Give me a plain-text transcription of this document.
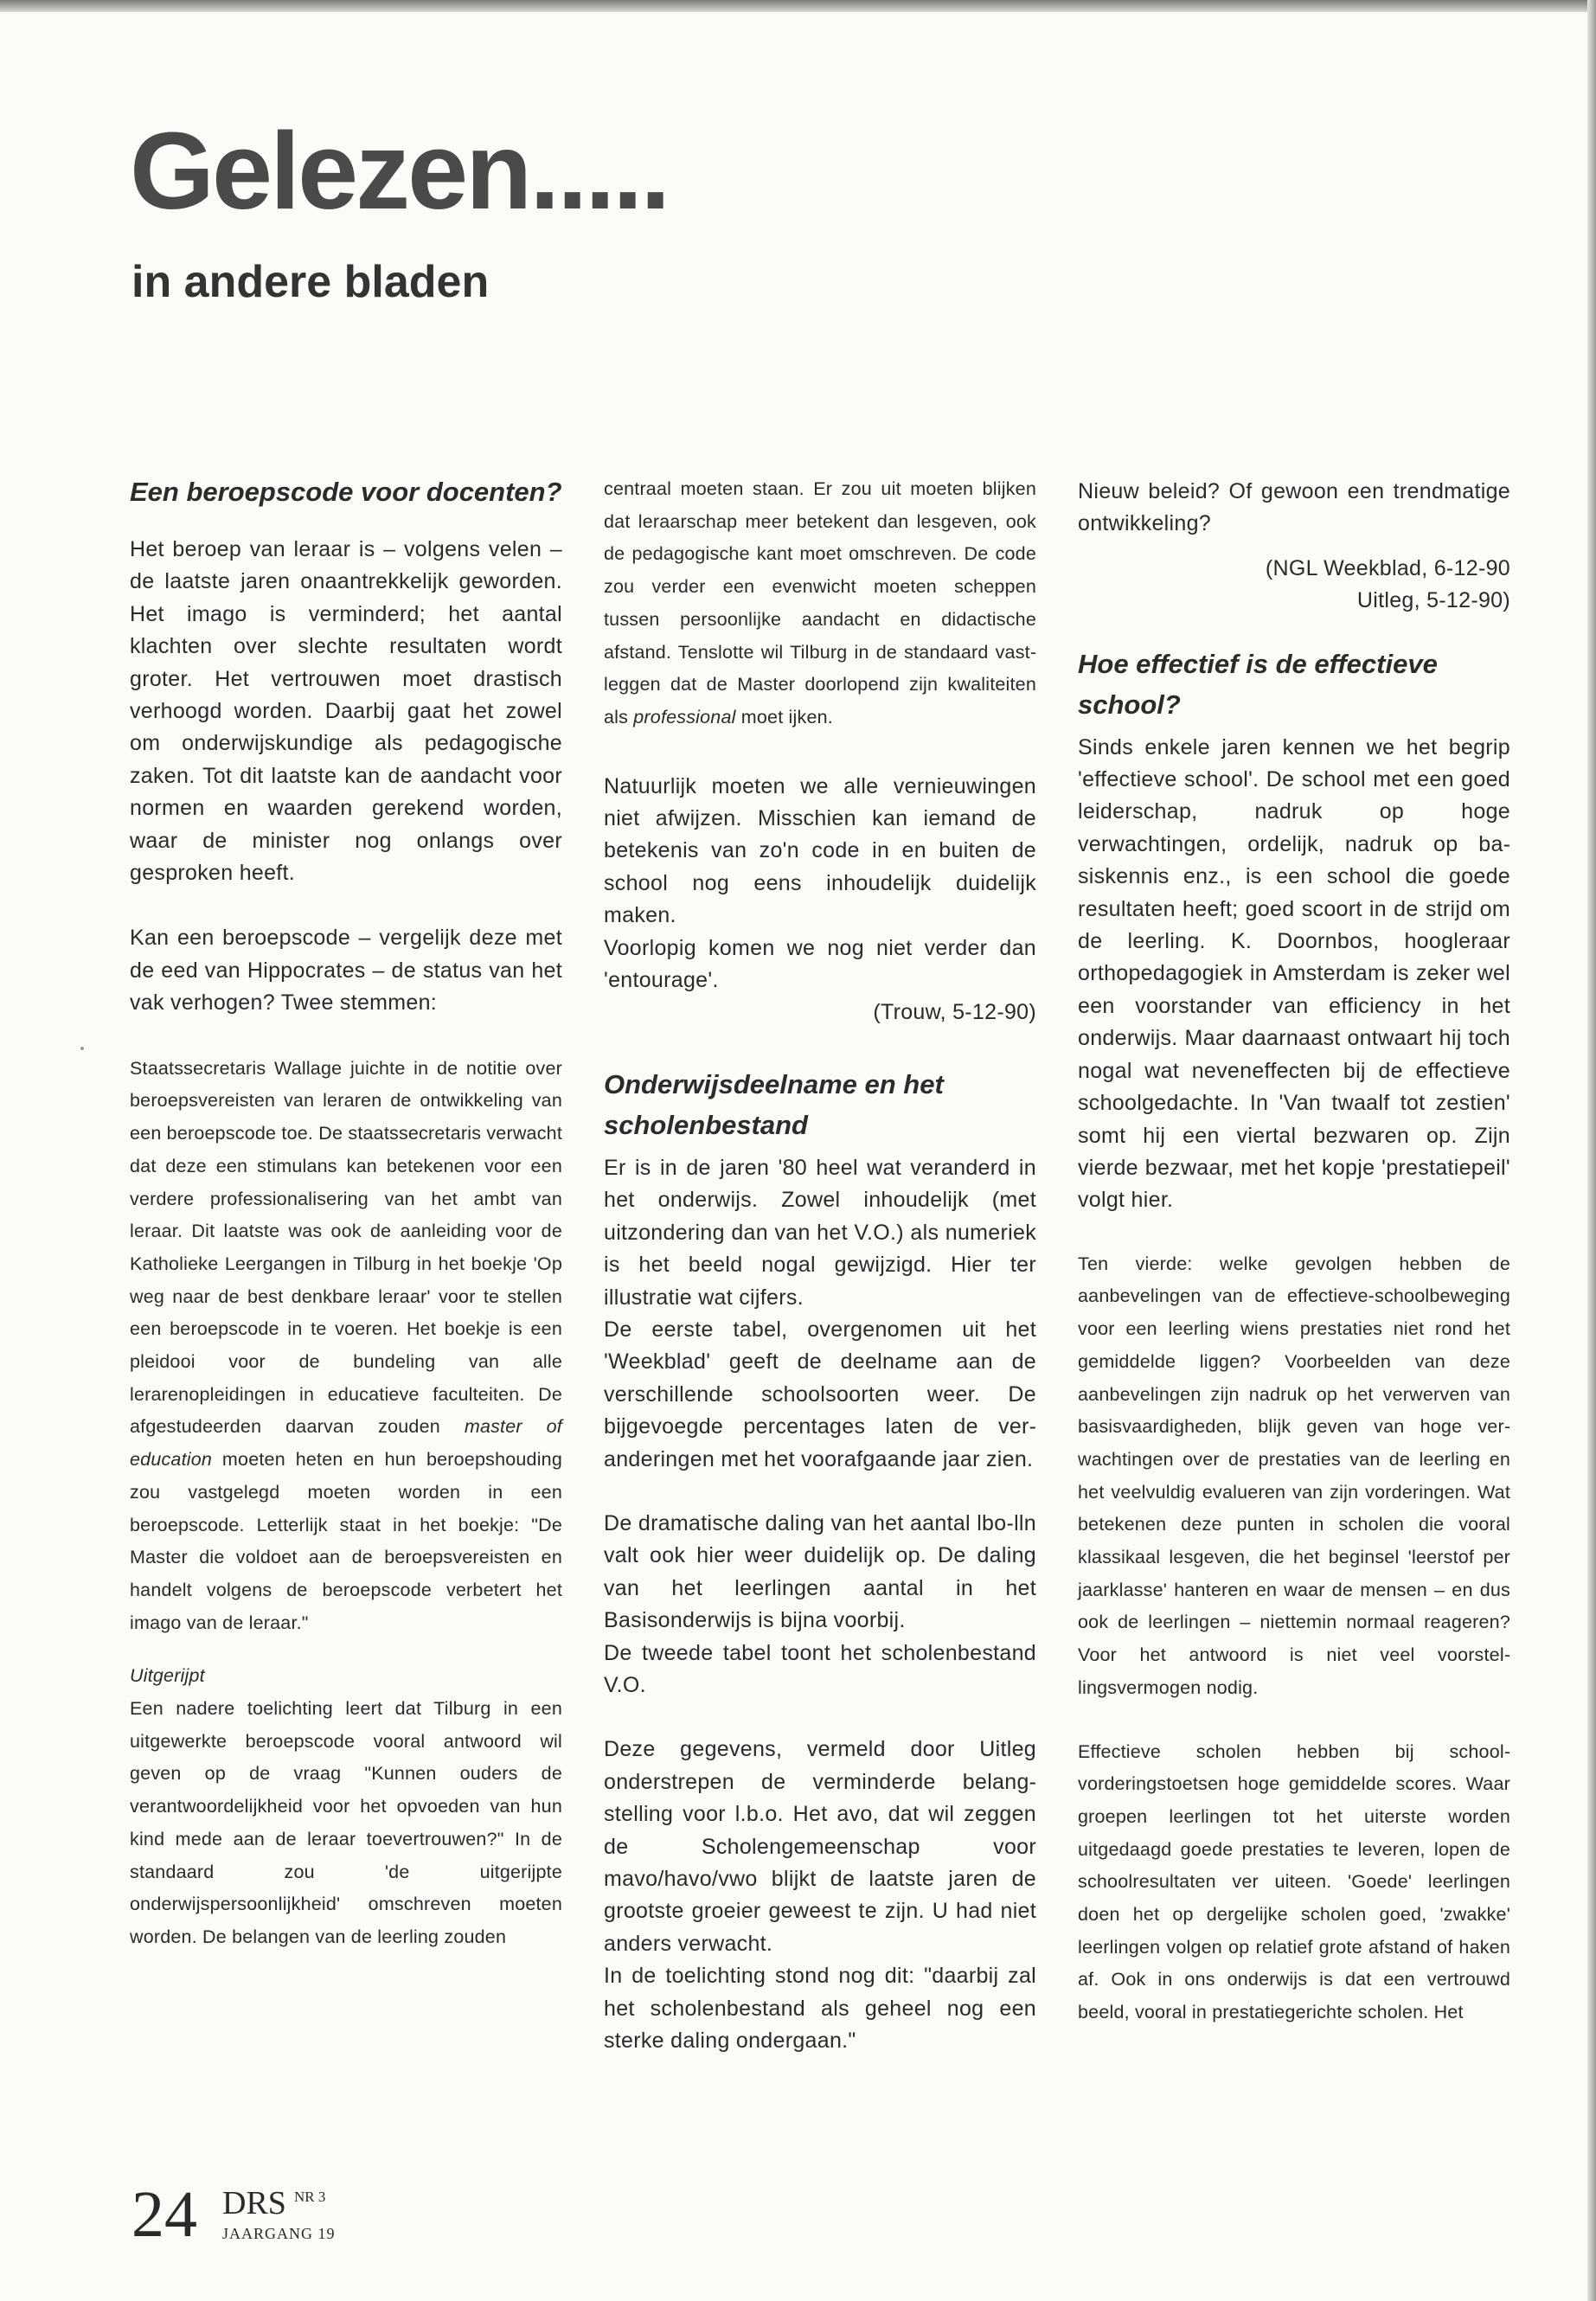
Gelezen.....
in andere bladen
Een beroepscode voor docenten?

Het beroep van leraar is – volgens velen – de laatste jaren onaantrekkelijk geworden. Het imago is verminderd; het aantal klachten over slechte resultaten wordt groter. Het vertrouwen moet drastisch verhoogd worden. Daarbij gaat het zowel om onderwijskundige als pedagogische zaken. Tot dit laatste kan de aandacht voor normen en waarden gerekend worden, waar de minister nog onlangs over gesproken heeft.

Kan een beroepscode – vergelijk deze met de eed van Hippocrates – de status van het vak verhogen? Twee stemmen:

Staatssecretaris Wallage juichte in de notitie over beroepsvereisten van leraren de ontwikkeling van een beroepscode toe. De staatssecretaris verwacht dat deze een stimulans kan betekenen voor een verdere professionalisering van het ambt van leraar. Dit laatste was ook de aanleiding voor de Katholieke Leergangen in Tilburg in het boekje 'Op weg naar de best denkbare leraar' voor te stellen een beroepscode in te voeren. Het boekje is een pleidooi voor de bundeling van alle lerarenopleidingen in educatieve faculteiten. De afgestudeerden daarvan zouden master of education moeten heten en hun beroepshouding zou vastgelegd moeten worden in een beroepscode. Letterlijk staat in het boekje: "De Master die voldoet aan de beroepsvereisten en handelt volgens de beroepscode verbetert het imago van de leraar."

Uitgerijpt

Een nadere toelichting leert dat Tilburg in een uitgewerkte beroepscode vooral antwoord wil geven op de vraag "Kunnen ouders de verantwoordelijkheid voor het opvoeden van hun kind mede aan de leraar toevertrouwen?" In de standaard zou 'de uitgerijpte onderwijspersoonlijkheid' omschreven moeten worden. De belangen van de leerling zouden

centraal moeten staan. Er zou uit moeten blijken dat leraarschap meer betekent dan lesgeven, ook de pedagogische kant moet omschreven. De code zou verder een evenwicht moeten scheppen tussen persoonlijke aandacht en didactische afstand. Tenslotte wil Tilburg in de standaard vastleggen dat de Master doorlopend zijn kwaliteiten als professional moet ijken.

Natuurlijk moeten we alle vernieuwingen niet afwijzen. Misschien kan iemand de betekenis van zo'n code in en buiten de school nog eens inhoudelijk duidelijk maken.

Voorlopig komen we nog niet verder dan 'entourage'.

(Trouw, 5-12-90)

Onderwijsdeelname en het scholenbestand

Er is in de jaren '80 heel wat veranderd in het onderwijs. Zowel inhoudelijk (met uitzondering dan van het V.O.) als numeriek is het beeld nogal gewijzigd. Hier ter illustratie wat cijfers.

De eerste tabel, overgenomen uit het 'Weekblad' geeft de deelname aan de verschillende schoolsoorten weer. De bijgevoegde percentages laten de veranderingen met het voorafgaande jaar zien.

De dramatische daling van het aantal lbo-lln valt ook hier weer duidelijk op. De daling van het leerlingen aantal in het Basisonderwijs is bijna voorbij.

De tweede tabel toont het scholenbestand V.O.

Deze gegevens, vermeld door Uitleg onderstrepen de verminderde belangstelling voor l.b.o. Het avo, dat wil zeggen de Scholengemeenschap voor mavo/havo/vwo blijkt de laatste jaren de grootste groeier geweest te zijn. U had niet anders verwacht.

In de toelichting stond nog dit: "daarbij zal het scholenbestand als geheel nog een sterke daling ondergaan."

Nieuw beleid? Of gewoon een trendmatige ontwikkeling?

(NGL Weekblad, 6-12-90

Uitleg, 5-12-90)

Hoe effectief is de effectieve school?

Sinds enkele jaren kennen we het begrip 'effectieve school'. De school met een goed leiderschap, nadruk op hoge verwachtingen, ordelijk, nadruk op basiskennis enz., is een school die goede resultaten heeft; goed scoort in de strijd om de leerling. K. Doornbos, hoogleraar orthopedagogiek in Amsterdam is zeker wel een voorstander van efficiency in het onderwijs. Maar daarnaast ontwaart hij toch nogal wat neveneffecten bij de effectieve schoolgedachte. In 'Van twaalf tot zestien' somt hij een viertal bezwaren op. Zijn vierde bezwaar, met het kopje 'prestatiepeil' volgt hier.

Ten vierde: welke gevolgen hebben de aanbevelingen van de effectieve-schoolbeweging voor een leerling wiens prestaties niet rond het gemiddelde liggen? Voorbeelden van deze aanbevelingen zijn nadruk op het verwerven van basisvaardigheden, blijk geven van hoge verwachtingen over de prestaties van de leerling en het veelvuldig evalueren van zijn vorderingen. Wat betekenen deze punten in scholen die vooral klassikaal lesgeven, die het beginsel 'leerstof per jaarklasse' hanteren en waar de mensen – en dus ook de leerlingen – niettemin normaal reageren? Voor het antwoord is niet veel voorstellingsvermogen nodig.

Effectieve scholen hebben bij schoolvorderingstoetsen hoge gemiddelde scores. Waar groepen leerlingen tot het uiterste worden uitgedaagd goede prestaties te leveren, lopen de schoolresultaten ver uiteen. 'Goede' leerlingen doen het op dergelijke scholen goed, 'zwakke' leerlingen volgen op relatief grote afstand of haken af. Ook in ons onderwijs is dat een vertrouwd beeld, vooral in prestatiegerichte scholen. Het

24 DRS NR 3
JAARGANG 19
